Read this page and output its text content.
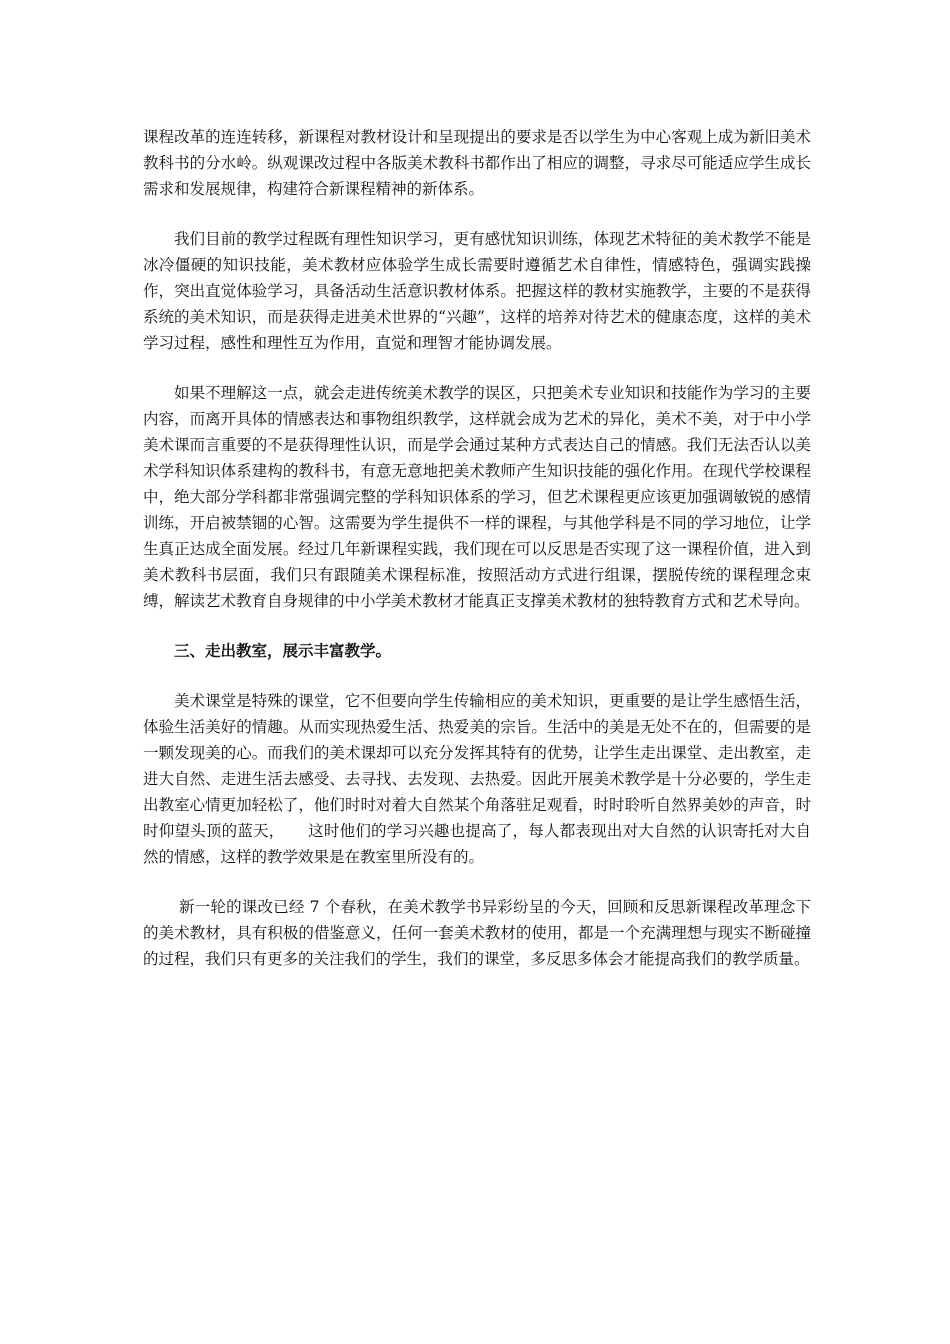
课程改革的连连转移，新课程对教材设计和呈现提出的要求是否以学生为中心客观上成为新旧美术教科书的分水岭。纵观课改过程中各版美术教科书都作出了相应的调整，寻求尽可能适应学生成长需求和发展规律，构建符合新课程精神的新体系。

我们目前的教学过程既有理性知识学习，更有感忧知识训练，体现艺术特征的美术教学不能是冰冷僵硬的知识技能，美术教材应体验学生成长需要时遵循艺术自律性，情感特色，强调实践操作，突出直觉体验学习，具备活动生活意识教材体系。把握这样的教材实施教学，主要的不是获得系统的美术知识，而是获得走进美术世界的“兴趣”，这样的培养对待艺术的健康态度，这样的美术学习过程，感性和理性互为作用，直觉和理智才能协调发展。

如果不理解这一点，就会走进传统美术教学的误区，只把美术专业知识和技能作为学习的主要内容，而离开具体的情感表达和事物组织教学，这样就会成为艺术的异化，美术不美，对于中小学美术课而言重要的不是获得理性认识，而是学会通过某种方式表达自己的情感。我们无法否认以美术学科知识体系建构的教科书，有意无意地把美术教师产生知识技能的强化作用。在现代学校课程中，绝大部分学科都非常强调完整的学科知识体系的学习，但艺术课程更应该更加强调敏锐的感情训练，开启被禁锢的心智。这需要为学生提供不一样的课程，与其他学科是不同的学习地位，让学生真正达成全面发展。经过几年新课程实践，我们现在可以反思是否实现了这一课程价值，进入到美术教科书层面，我们只有跟随美术课程标准，按照活动方式进行组课，摆脱传统的课程理念束缚，解读艺术教育自身规律的中小学美术教材才能真正支撑美术教材的独特教育方式和艺术导向。

三、走出教室，展示丰富教学。

美术课堂是特殊的课堂，它不但要向学生传输相应的美术知识，更重要的是让学生感悟生活，体验生活美好的情趣。从而实现热爱生活、热爱美的宗旨。生活中的美是无处不在的，但需要的是一颗发现美的心。而我们的美术课却可以充分发挥其特有的优势，让学生走出课堂、走出教室，走进大自然、走进生活去感受、去寻找、去发现、去热爱。因此开展美术教学是十分必要的，学生走出教室心情更加轻松了，他们时时对着大自然某个角落驻足观看，时时聆听自然界美妙的声音，时时仰望头顶的蓝天，　　这时他们的学习兴趣也提高了，每人都表现出对大自然的认识寄托对大自然的情感，这样的教学效果是在教室里所没有的。

新一轮的课改已经 7 个春秋，在美术教学书异彩纷呈的今天，回顾和反思新课程改革理念下的美术教材，具有积极的借鉴意义，任何一套美术教材的使用，都是一个充满理想与现实不断碰撞的过程，我们只有更多的关注我们的学生，我们的课堂，多反思多体会才能提高我们的教学质量。
